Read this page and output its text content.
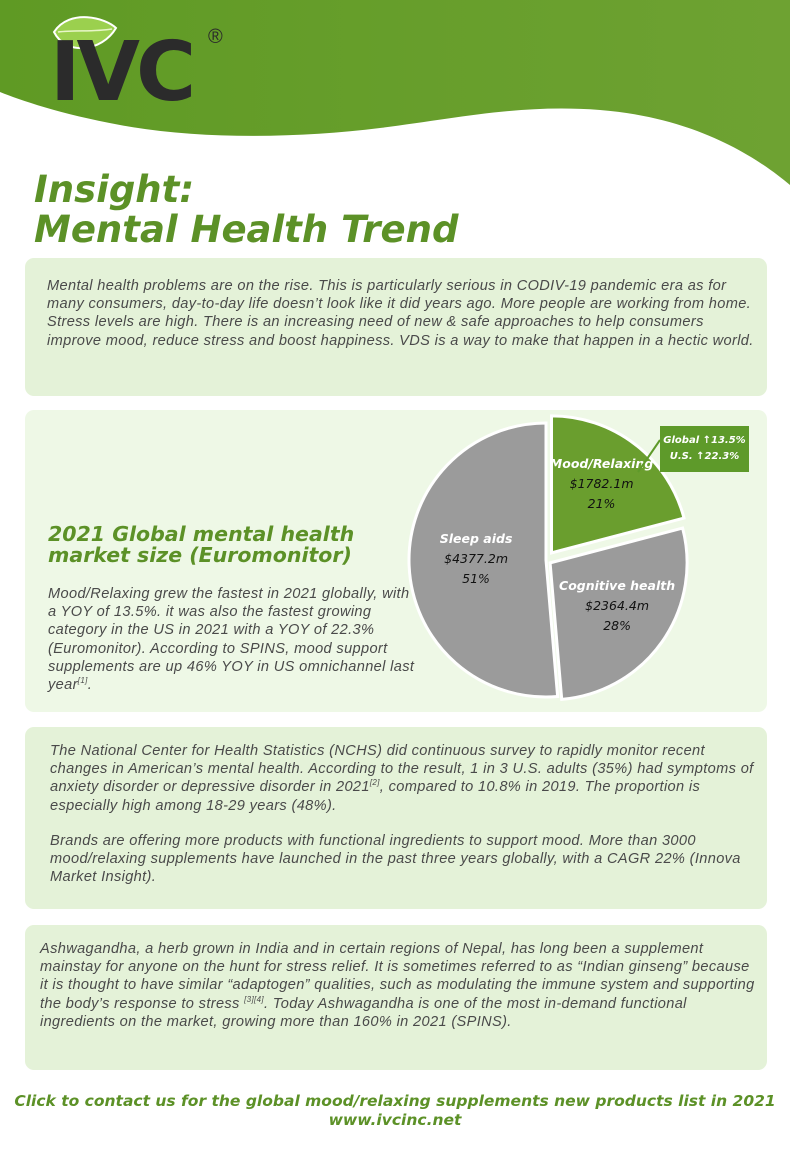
IVC ®
Insight:
Mental Health Trend

Mental health problems are on the rise. This is particularly serious in CODIV-19 pandemic era as for many consumers, day-to-day life doesn’t look like it did years ago. More people are working from home. Stress levels are high. There is an increasing need of new & safe approaches to help consumers improve mood, reduce stress and boost happiness. VDS is a way to make that happen in a hectic world.

2021 Global mental health
market size (Euromonitor)

Mood/Relaxing grew the fastest in 2021 globally, with a YOY of 13.5%. it was also the fastest growing category in the US in 2021 with a YOY of 22.3%(Euromonitor). According to SPINS, mood support supplements are up 46% YOY in US omnichannel last year[1].

Mood/Relaxing
$1782.1m
21%
Cognitive health
$2364.4m
28%
Sleep aids
$4377.2m
51%
Global ↑13.5%
U.S. ↑22.3%

The National Center for Health Statistics (NCHS) did continuous survey to rapidly monitor recent changes in American’s mental health. According to the result, 1 in 3 U.S. adults (35%) had symptoms of anxiety disorder or depressive disorder in 2021[2], compared to 10.8% in 2019. The proportion is especially high among 18-29 years (48%).

Brands are offering more products with functional ingredients to support mood. More than 3000 mood/relaxing supplements have launched in the past three years globally, with a CAGR 22% (Innova Market Insight).

Ashwagandha, a herb grown in India and in certain regions of Nepal, has long been a supplement mainstay for anyone on the hunt for stress relief. It is sometimes referred to as “Indian ginseng” because it is thought to have similar “adaptogen” qualities, such as modulating the immune system and supporting the body’s response to stress [3][4]. Today Ashwagandha is one of the most in-demand functional ingredients on the market, growing more than 160% in 2021 (SPINS).

Click to contact us for the global mood/relaxing supplements new products list in 2021
www.ivcinc.net
